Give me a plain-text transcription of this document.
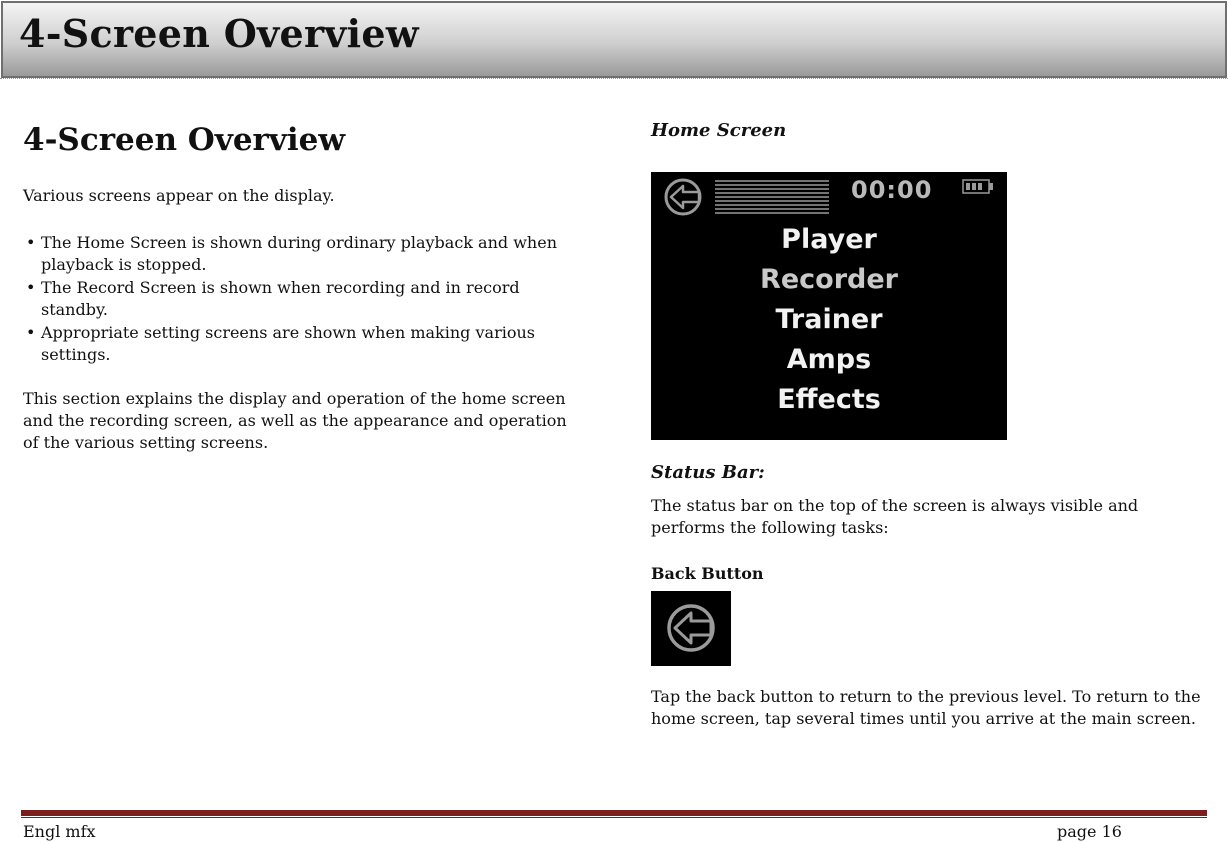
4-Screen Overview
4-Screen Overview

Various screens appear on the display.

• The Home Screen is shown during ordinary playback and when playback is stopped.
• The Record Screen is shown when recording and in record standby.
• Appropriate setting screens are shown when making various settings.

This section explains the display and operation of the home screen and the recording screen, as well as the appearance and operation of the various setting screens.

Home Screen

00:00
Player
Recorder
Trainer
Amps
Effects

Status Bar:

The status bar on the top of the screen is always visible and performs the following tasks:

Back Button

Tap the back button to return to the previous level. To return to the home screen, tap several times until you arrive at the main screen.

Engl mfx	page 16
